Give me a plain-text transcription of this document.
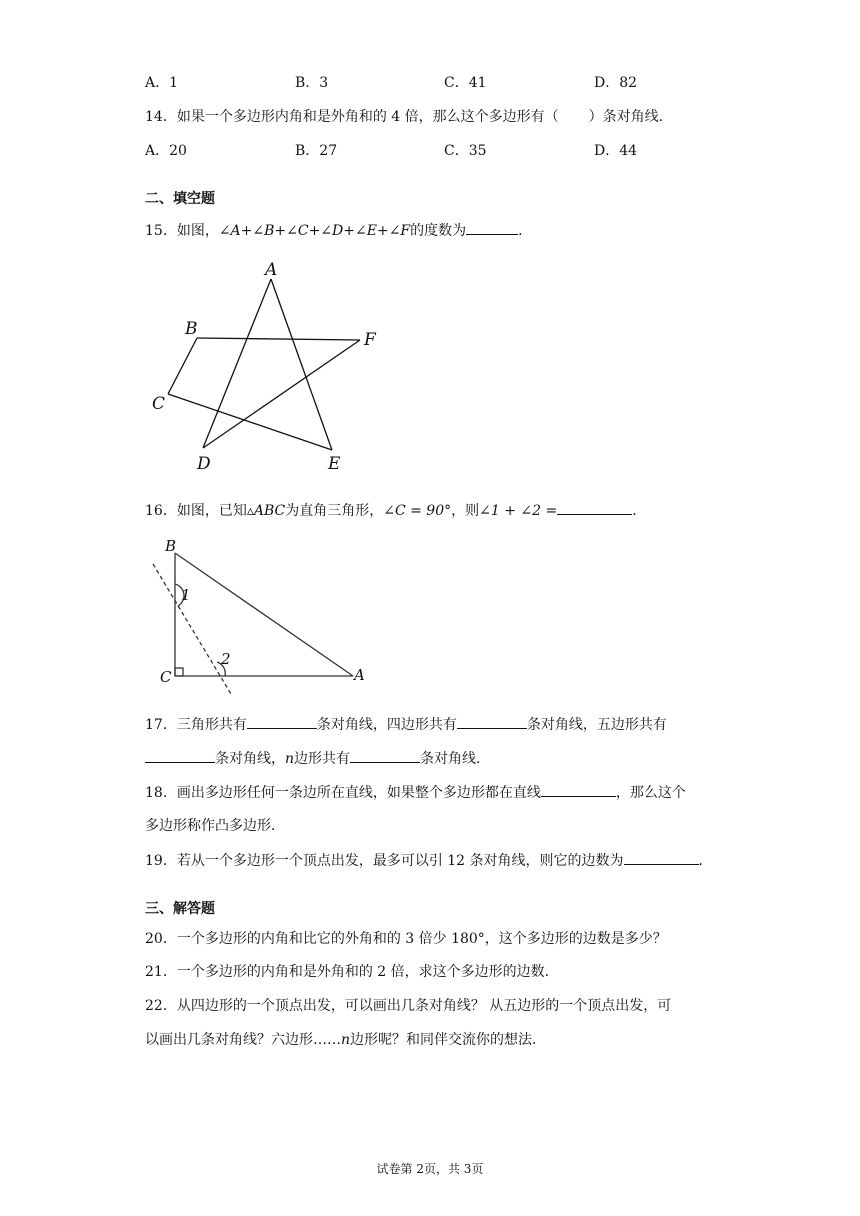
A．1	B．3	C．41	D．82
14．如果一个多边形内角和是外角和的 4 倍，那么这个多边形有（ ）条对角线．
A．20	B．27	C．35	D．44
二、填空题
15．如图，∠A+∠B+∠C+∠D+∠E+∠F的度数为	．
A
B
F
C
D	E
16．如图，已知▵ABC为直角三角形，∠C = 90°，则∠1 + ∠2 =	．
B
C	A
1
2
17．三角形共有	条对角线，四边形共有	条对角线，五边形共有
条对角线，n边形共有	条对角线．
18．画出多边形任何一条边所在直线，如果整个多边形都在直线	，那么这个
多边形称作凸多边形．
19．若从一个多边形一个顶点出发，最多可以引 12 条对角线，则它的边数为	．
三、解答题
20．一个多边形的内角和比它的外角和的 3 倍少 180°，这个多边形的边数是多少？
21．一个多边形的内角和是外角和的 2 倍，求这个多边形的边数．
22．从四边形的一个顶点出发，可以画出几条对角线？ 从五边形的一个顶点出发，可
以画出几条对角线？六边形……n边形呢？和同伴交流你的想法．
试卷第 2页，共 3页
